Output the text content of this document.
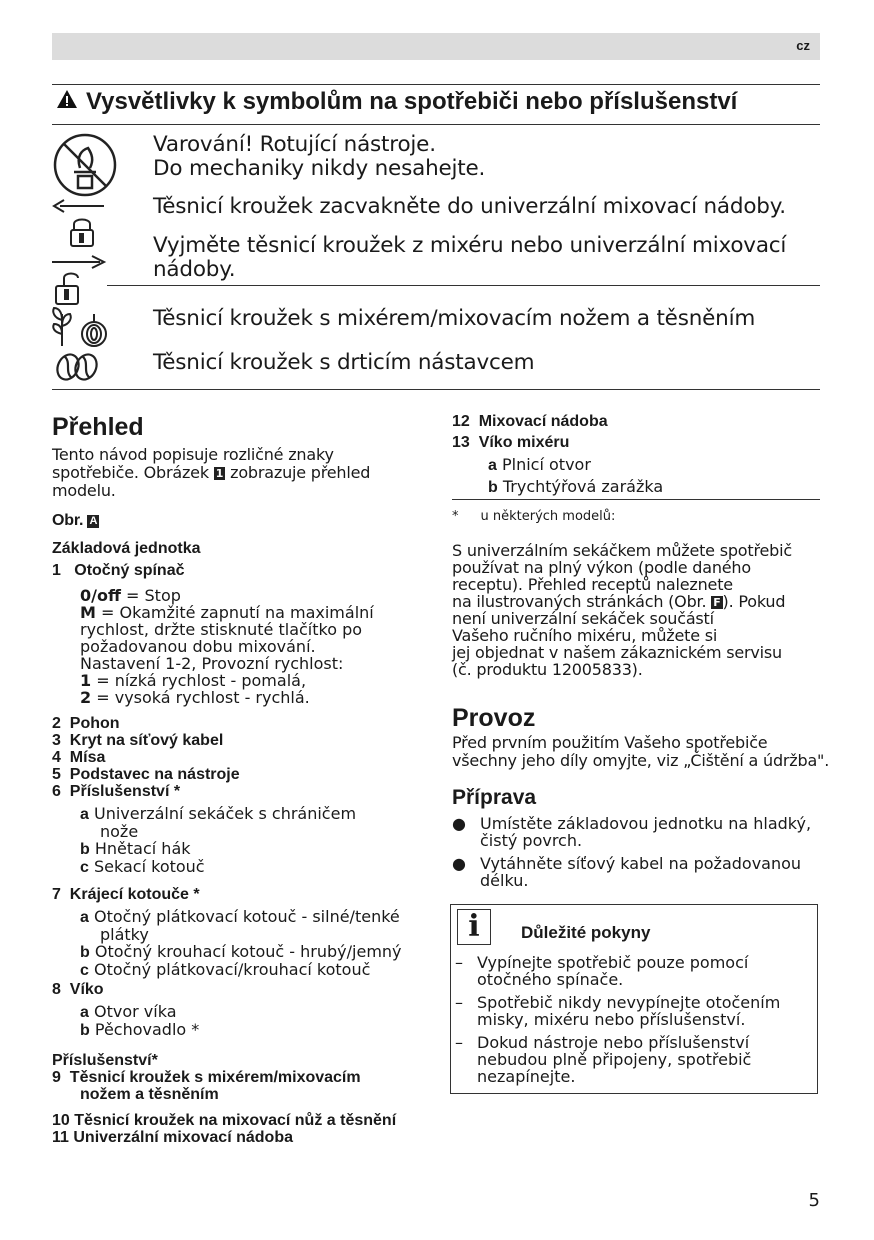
cz
Vysvětlivky k symbolům na spotřebiči nebo příslušenství
Varování! Rotující nástroje.
Do mechaniky nikdy nesahejte.
Těsnicí kroužek zacvakněte do univerzální mixovací nádoby.
Vyjměte těsnicí kroužek z mixéru nebo univerzální mixovací
nádoby.
Těsnicí kroužek s mixérem/mixovacím nožem a těsněním
Těsnicí kroužek s drticím nástavcem
Přehled
Tento návod popisuje rozličné znaky
spotřebiče. Obrázek 1 zobrazuje přehled
modelu.
Obr. A
Základová jednotka
1 Otočný spínač
0/off = Stop
M = Okamžité zapnutí na maximální
rychlost, držte stisknuté tlačítko po
požadovanou dobu mixování.
Nastavení 1-2, Provozní rychlost:
1 = nízká rychlost - pomalá,
2 = vysoká rychlost - rychlá.
2  Pohon
3  Kryt na síťový kabel
4  Mísa
5  Podstavec na nástroje
6  Příslušenství *
a Univerzální sekáček s chráničem
nože
b Hnětací hák
c Sekací kotouč
7  Krájecí kotouče *
a Otočný plátkovací kotouč - silné/tenké
plátky
b Otočný krouhací kotouč - hrubý/jemný
c Otočný plátkovací/krouhací kotouč
8  Víko
a Otvor víka
b Pěchovadlo *
Příslušenství*
9  Těsnicí kroužek s mixérem/mixovacím
nožem a těsněním
10 Těsnicí kroužek na mixovací nůž a těsnění
11 Univerzální mixovací nádoba
12  Mixovací nádoba
13  Víko mixéru
a Plnicí otvor
b Trychtýřová zarážka
* u některých modelů:
S univerzálním sekáčkem můžete spotřebič
používat na plný výkon (podle daného
receptu). Přehled receptů naleznete
na ilustrovaných stránkách (Obr. F ). Pokud
není univerzální sekáček součástí
Vašeho ručního mixéru, můžete si
jej objednat v našem zákaznickém servisu
(č. produktu 12005833).
Provoz
Před prvním použitím Vašeho spotřebiče
všechny jeho díly omyjte, viz „Čištění a údržba".
Příprava
● Umístěte základovou jednotku na hladký,
čistý povrch.
● Vytáhněte síťový kabel na požadovanou
délku.
i	Důležité pokyny
– Vypínejte spotřebič pouze pomocí
otočného spínače.
– Spotřebič nikdy nevypínejte otočením
misky, mixéru nebo příslušenství.
– Dokud nástroje nebo příslušenství
nebudou plně připojeny, spotřebič
nezapínejte.
5
